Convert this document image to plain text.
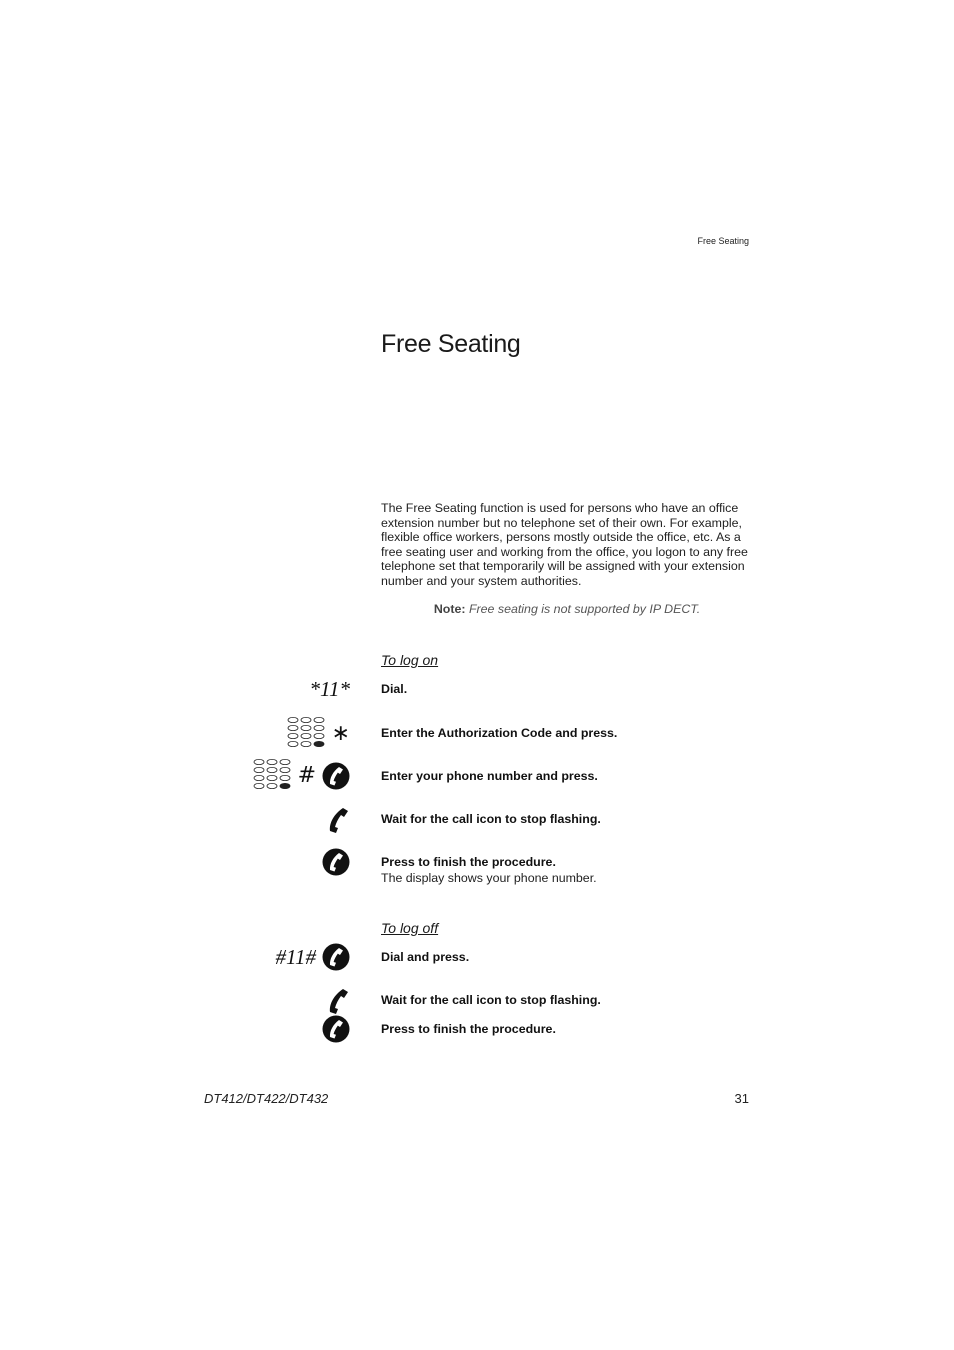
Free Seating
Free Seating

The Free Seating function is used for persons who have an office extension number but no telephone set of their own. For example, flexible office workers, persons mostly outside the office, etc. As a free seating user and working from the office, you logon to any free telephone set that temporarily will be assigned with your extension number and your system authorities.

Note: Free seating is not supported by IP DECT.
To log on
*11*	Dial.
∗	Enter the Authorization Code and press.
#	Enter your phone number and press.
Wait for the call icon to stop flashing.
Press to finish the procedure.
The display shows your phone number.
To log off
#11#	Dial and press.
Wait for the call icon to stop flashing.
Press to finish the procedure.
DT412/DT422/DT432	31
